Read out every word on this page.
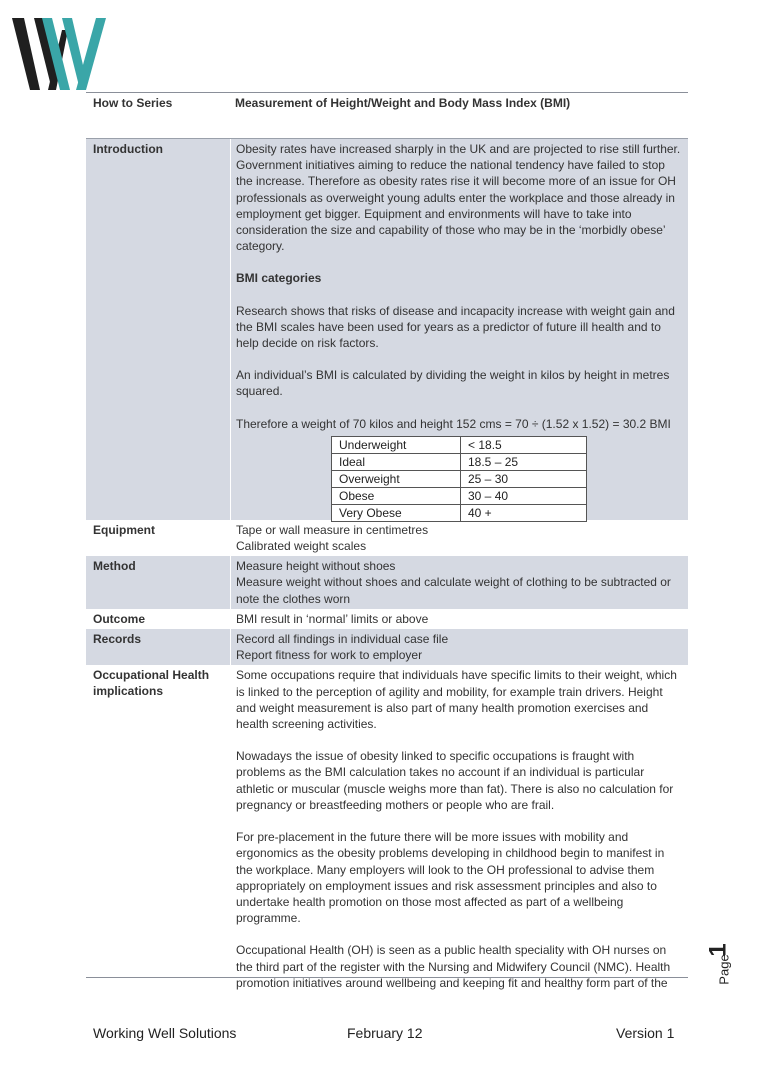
How to Series	Measurement of Height/Weight and Body Mass Index (BMI)
Introduction	Obesity rates have increased sharply in the UK and are projected to rise still further. Government initiatives aiming to reduce the national tendency have failed to stop the increase. Therefore as obesity rates rise it will become more of an issue for OH professionals as overweight young adults enter the workplace and those already in employment get bigger. Equipment and environments will have to take into consideration the size and capability of those who may be in the ‘morbidly obese’ category.

BMI categories

Research shows that risks of disease and incapacity increase with weight gain and the BMI scales have been used for years as a predictor of future ill health and to help decide on risk factors.

An individual’s BMI is calculated by dividing the weight in kilos by height in metres squared.

Therefore a weight of 70 kilos and height 152 cms = 70 ÷ (1.52 x 1.52) = 30.2 BMI

Underweight	< 18.5
Ideal	18.5 – 25
Overweight	25 – 30
Obese	30 – 40
Very Obese	40 +
Equipment	Tape or wall measure in centimetres

Calibrated weight scales

Method	Measure height without shoes

Measure weight without shoes and calculate weight of clothing to be subtracted or note the clothes worn

Outcome	BMI result in ‘normal’ limits or above

Records	Record all findings in individual case file

Report fitness for work to employer

Occupational Health implications

Some occupations require that individuals have specific limits to their weight, which is linked to the perception of agility and mobility, for example train drivers. Height and weight measurement is also part of many health promotion exercises and health screening activities.

Nowadays the issue of obesity linked to specific occupations is fraught with problems as the BMI calculation takes no account if an individual is particular athletic or muscular (muscle weighs more than fat). There is also no calculation for pregnancy or breastfeeding mothers or people who are frail.

For pre-placement in the future there will be more issues with mobility and ergonomics as the obesity problems developing in childhood begin to manifest in the workplace. Many employers will look to the OH professional to advise them appropriately on employment issues and risk assessment principles and also to undertake health promotion on those most affected as part of a wellbeing programme.

Occupational Health (OH) is seen as a public health speciality with OH nurses on the third part of the register with the Nursing and Midwifery Council (NMC). Health promotion initiatives around wellbeing and keeping fit and healthy form part of the

1
Page
Working Well Solutions	February 12	Version 1
